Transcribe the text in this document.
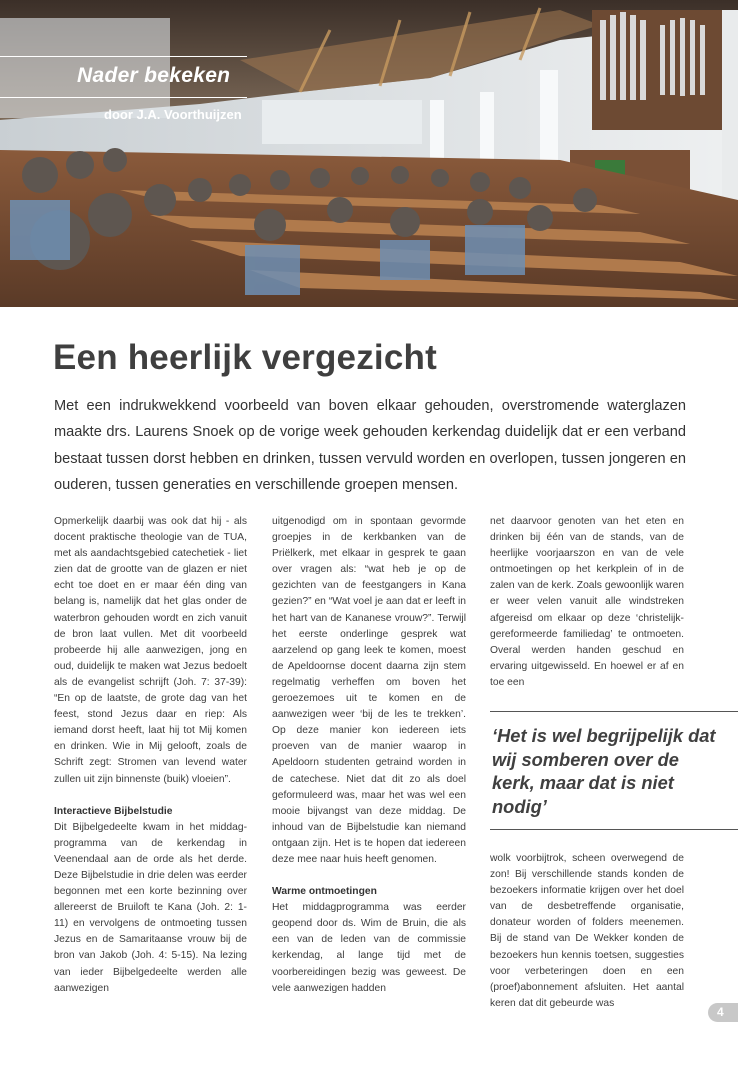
Nader bekeken
door J.A. Voorthuijzen
Een heerlijk vergezicht

Met een indrukwekkend voorbeeld van boven elkaar gehouden, overstromende waterglazen maakte drs. Laurens Snoek op de vorige week gehouden kerkendag duidelijk dat er een verband bestaat tussen dorst hebben en drinken, tussen vervuld worden en overlopen, tussen jongeren en ouderen, tussen generaties en verschillende groepen mensen.

Opmerkelijk daarbij was ook dat hij - als docent praktische theologie van de TUA, met als aandachtsgebied catechetiek - liet zien dat de grootte van de glazen er niet echt toe doet en er maar één ding van belang is, namelijk dat het glas onder de waterbron gehouden wordt en zich vanuit de bron laat vullen. Met dit voorbeeld probeerde hij alle aanwezigen, jong en oud, duidelijk te maken wat Jezus bedoelt als de evangelist schrijft (Joh. 7: 37-39): “En op de laatste, de grote dag van het feest, stond Jezus daar en riep: Als iemand dorst heeft, laat hij tot Mij komen en drinken. Wie in Mij gelooft, zoals de Schrift zegt: Stromen van levend water zullen uit zijn binnenste (buik) vloeien”.

Interactieve Bijbelstudie

Dit Bijbelgedeelte kwam in het middag-programma van de kerkendag in Veenendaal aan de orde als het derde. Deze Bijbelstudie in drie delen was eerder begonnen met een korte bezinning over allereerst de Bruiloft te Kana (Joh. 2: 1-11) en vervolgens de ontmoeting tussen Jezus en de Samaritaanse vrouw bij de bron van Jakob (Joh. 4: 5-15). Na lezing van ieder Bijbelgedeelte werden alle aanwezigen

uitgenodigd om in spontaan gevormde groepjes in de kerkbanken van de Priëlkerk, met elkaar in gesprek te gaan over vragen als: “wat heb je op de gezichten van de feestgangers in Kana gezien?” en “Wat voel je aan dat er leeft in het hart van de Kananese vrouw?”. Terwijl het eerste onderlinge gesprek wat aarzelend op gang leek te komen, moest de Apeldoornse docent daarna zijn stem regelmatig verheffen om boven het geroezemoes uit te komen en de aanwezigen weer ‘bij de les te trekken’. Op deze manier kon iedereen iets proeven van de manier waarop in Apeldoorn studenten getraind worden in de catechese. Niet dat dit zo als doel geformuleerd was, maar het was wel een mooie bijvangst van deze middag. De inhoud van de Bijbelstudie kan niemand ontgaan zijn. Het is te hopen dat iedereen deze mee naar huis heeft genomen.

Warme ontmoetingen

Het middagprogramma was eerder geopend door ds. Wim de Bruin, die als een van de leden van de commissie kerkendag, al lange tijd met de voorbereidingen bezig was geweest. De vele aanwezigen hadden

net daarvoor genoten van het eten en drinken bij één van de stands, van de heerlijke voorjaarszon en van de vele ontmoetingen op het kerkplein of in de zalen van de kerk. Zoals gewoonlijk waren er weer velen vanuit alle windstreken afgereisd om elkaar op deze ‘christelijk-gereformeerde familiedag’ te ontmoeten. Overal werden handen geschud en ervaring uitgewisseld. En hoewel er af en toe een

‘Het is wel begrijpelijk dat wij somberen over de kerk, maar dat is niet nodig’

wolk voorbijtrok, scheen overwegend de zon! Bij verschillende stands konden de bezoekers informatie krijgen over het doel van de desbetreffende organisatie, donateur worden of folders meenemen. Bij de stand van De Wekker konden de bezoekers hun kennis toetsen, suggesties voor verbeteringen doen en een (proef)abonnement afsluiten. Het aantal keren dat dit gebeurde was

4
